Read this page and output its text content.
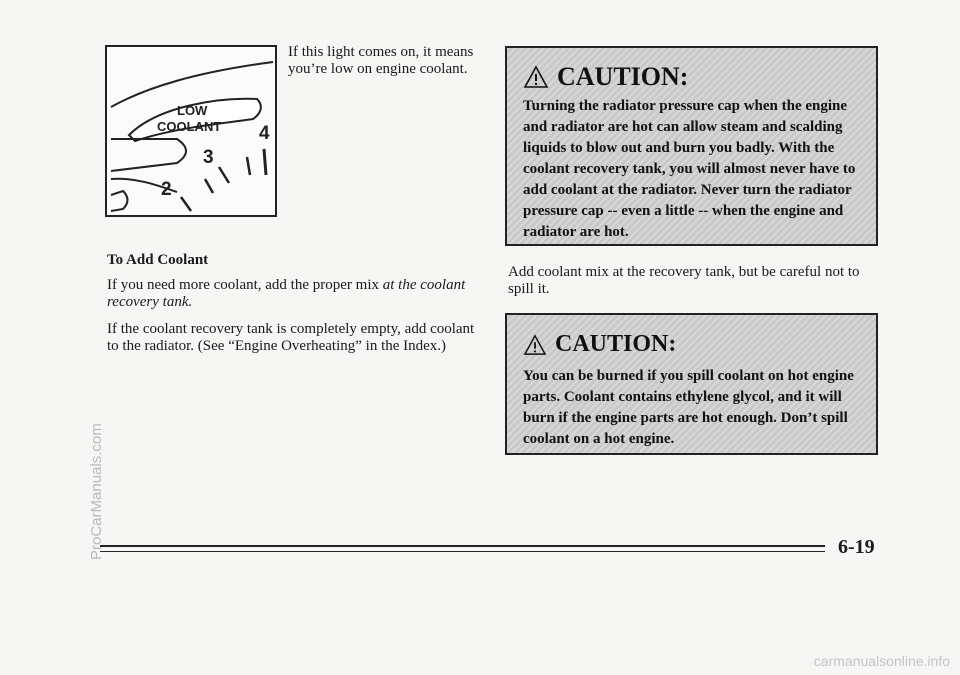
LOW
COOLANT 4
3
2
If this light comes on, it means you’re low on engine coolant.
To Add Coolant
If you need more coolant, add the proper mix at the coolant recovery tank.
If the coolant recovery tank is completely empty, add coolant to the radiator. (See “Engine Overheating” in the Index.)
CAUTION:
Turning the radiator pressure cap when the engine and radiator are hot can allow steam and scalding liquids to blow out and burn you badly. With the coolant recovery tank, you will almost never have to add coolant at the radiator. Never turn the radiator pressure cap -- even a little -- when the engine and radiator are hot.
Add coolant mix at the recovery tank, but be careful not to spill it.
CAUTION:
You can be burned if you spill coolant on hot engine parts. Coolant contains ethylene glycol, and it will burn if the engine parts are hot enough. Don’t spill coolant on a hot engine.
6-19
ProCarManuals.com
carmanualsonline.info
